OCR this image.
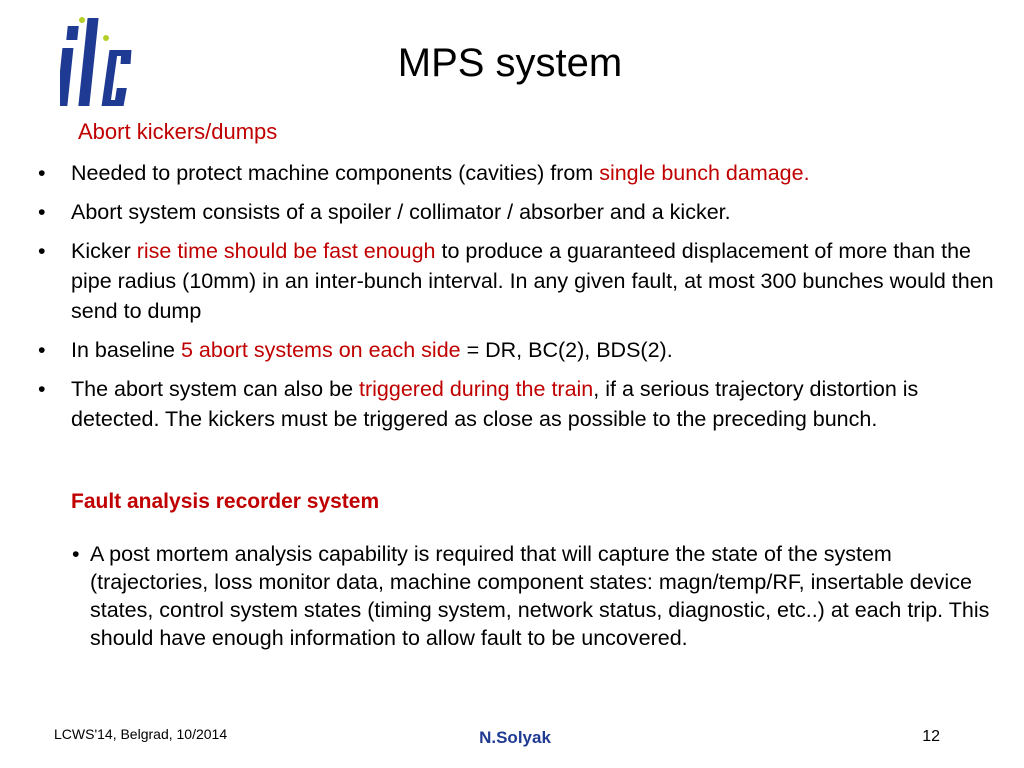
MPS system
Abort kickers/dumps
• Needed to protect machine components (cavities) from single bunch damage.
• Abort system consists of a spoiler / collimator / absorber and a kicker.
• Kicker rise time should be fast enough to produce a guaranteed displacement of more than the pipe radius (10mm) in an inter-bunch interval. In any given fault, at most 300 bunches would then send to dump
• In baseline 5 abort systems on each side = DR, BC(2), BDS(2).
• The abort system can also be triggered during the train, if a serious trajectory distortion is detected. The kickers must be triggered as close as possible to the preceding bunch.
Fault analysis recorder system
• A post mortem analysis capability is required that will capture the state of the system (trajectories, loss monitor data, machine component states: magn/temp/RF, insertable device states, control system states (timing system, network status, diagnostic, etc..) at each trip. This should have enough information to allow fault to be uncovered.
LCWS'14, Belgrad, 10/2014	N.Solyak	12
